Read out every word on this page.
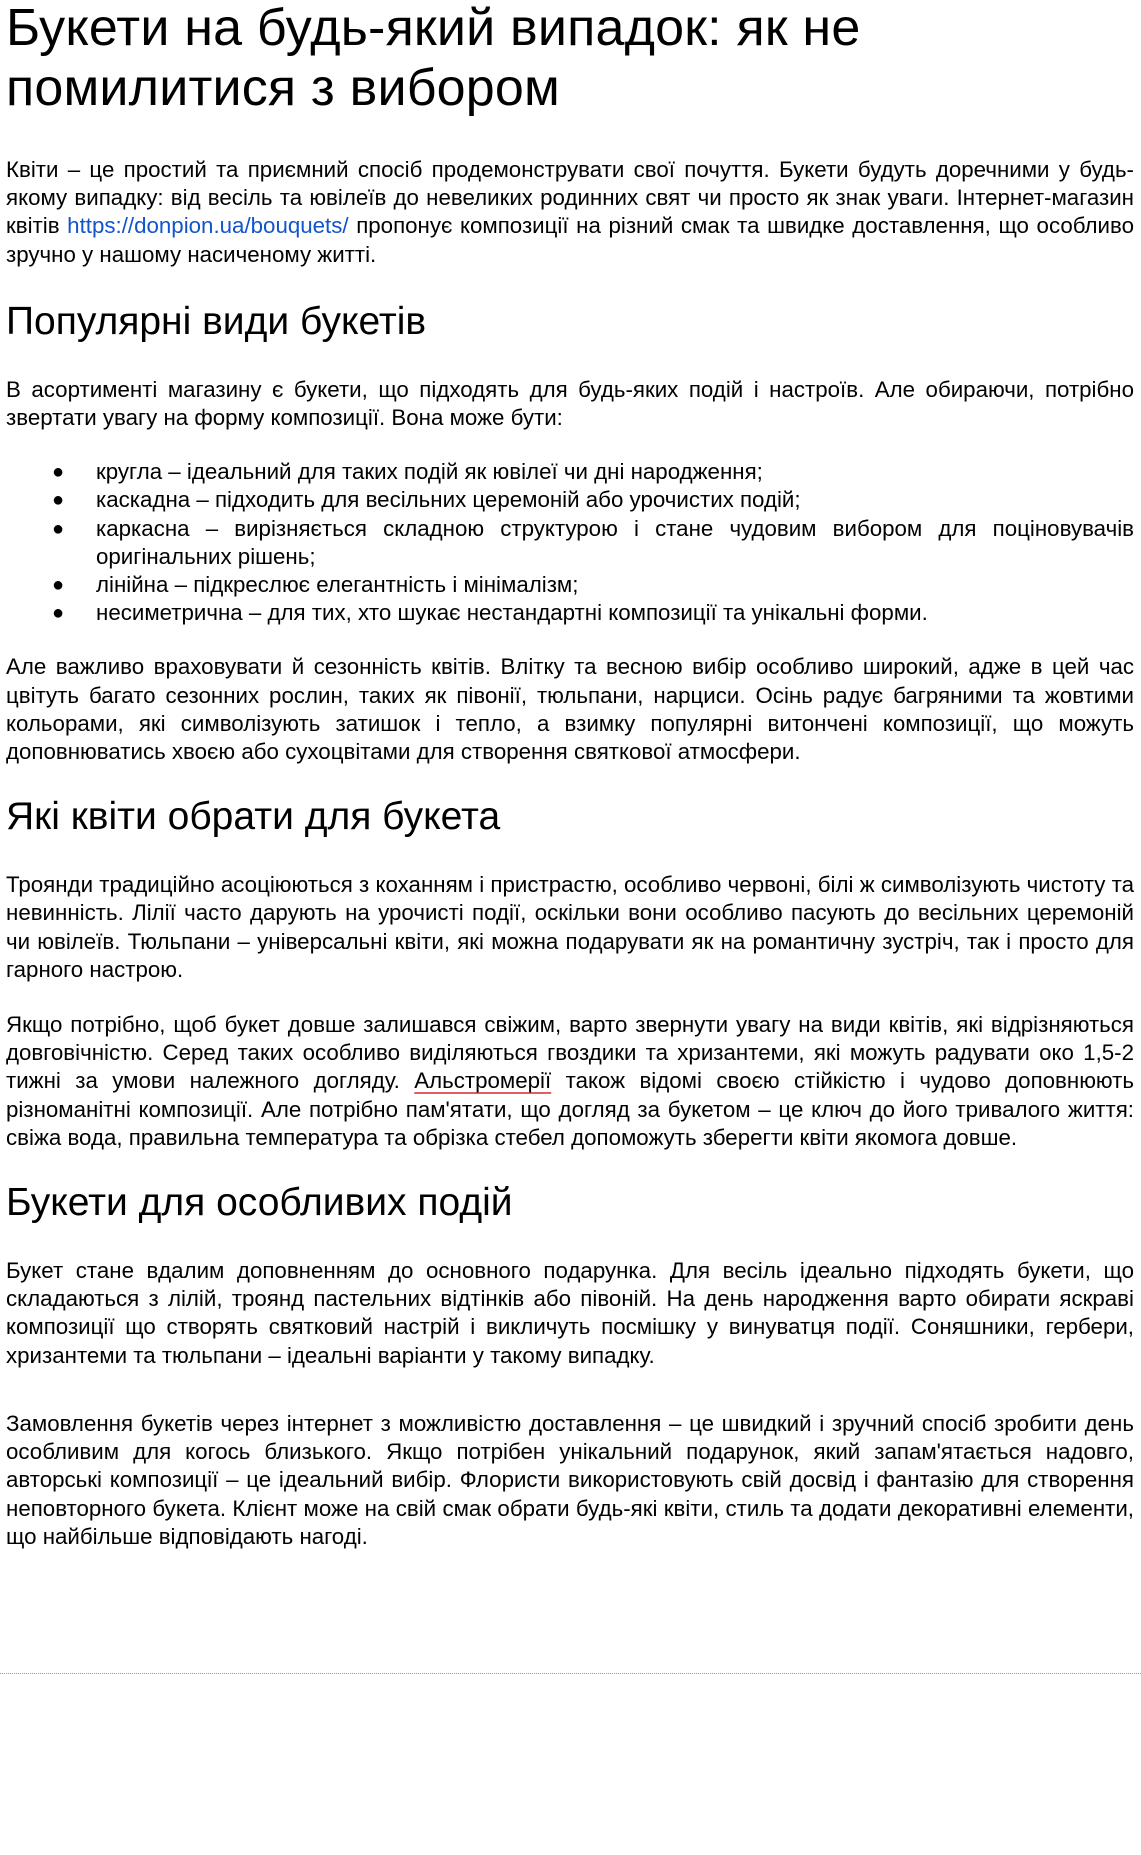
Букети на будь-який випадок: як не помилитися з вибором

Квіти – це простий та приємний спосіб продемонструвати свої почуття. Букети будуть доречними у будь-якому випадку: від весіль та ювілеїв до невеликих родинних свят чи просто як знак уваги. Інтернет-магазин квітів https://donpion.ua/bouquets/ пропонує композиції на різний смак та швидке доставлення, що особливо зручно у нашому насиченому житті.

Популярні види букетів

В асортименті магазину є букети, що підходять для будь-яких подій і настроїв. Але обираючи, потрібно звертати увагу на форму композиції. Вона може бути:

● кругла – ідеальний для таких подій як ювілеї чи дні народження;
● каскадна – підходить для весільних церемоній або урочистих подій;
● каркасна – вирізняється складною структурою і стане чудовим вибором для поціновувачів оригінальних рішень;
● лінійна – підкреслює елегантність і мінімалізм;
● несиметрична – для тих, хто шукає нестандартні композиції та унікальні форми.

Але важливо враховувати й сезонність квітів. Влітку та весною вибір особливо широкий, адже в цей час цвітуть багато сезонних рослин, таких як півонії, тюльпани, нарциси. Осінь радує багряними та жовтими кольорами, які символізують затишок і тепло, а взимку популярні витончені композиції, що можуть доповнюватись хвоєю або сухоцвітами для створення святкової атмосфери.

Які квіти обрати для букета

Троянди традиційно асоціюються з коханням і пристрастю, особливо червоні, білі ж символізують чистоту та невинність. Лілії часто дарують на урочисті події, оскільки вони особливо пасують до весільних церемоній чи ювілеїв. Тюльпани – універсальні квіти, які можна подарувати як на романтичну зустріч, так і просто для гарного настрою.

Якщо потрібно, щоб букет довше залишався свіжим, варто звернути увагу на види квітів, які відрізняються довговічністю. Серед таких особливо виділяються гвоздики та хризантеми, які можуть радувати око 1,5-2 тижні за умови належного догляду. Альстромерії також відомі своєю стійкістю і чудово доповнюють різноманітні композиції. Але потрібно пам'ятати, що догляд за букетом – це ключ до його тривалого життя: свіжа вода, правильна температура та обрізка стебел допоможуть зберегти квіти якомога довше.

Букети для особливих подій

Букет стане вдалим доповненням до основного подарунка. Для весіль ідеально підходять букети, що складаються з лілій, троянд пастельних відтінків або півоній. На день народження варто обирати яскраві композиції що створять святковий настрій і викличуть посмішку у винуватця події. Соняшники, гербери, хризантеми та тюльпани – ідеальні варіанти у такому випадку.

Замовлення букетів через інтернет з можливістю доставлення – це швидкий і зручний спосіб зробити день особливим для когось близького. Якщо потрібен унікальний подарунок, який запам'ятається надовго, авторські композиції – це ідеальний вибір. Флористи використовують свій досвід і фантазію для створення неповторного букета. Клієнт може на свій смак обрати будь-які квіти, стиль та додати декоративні елементи, що найбільше відповідають нагоді.
